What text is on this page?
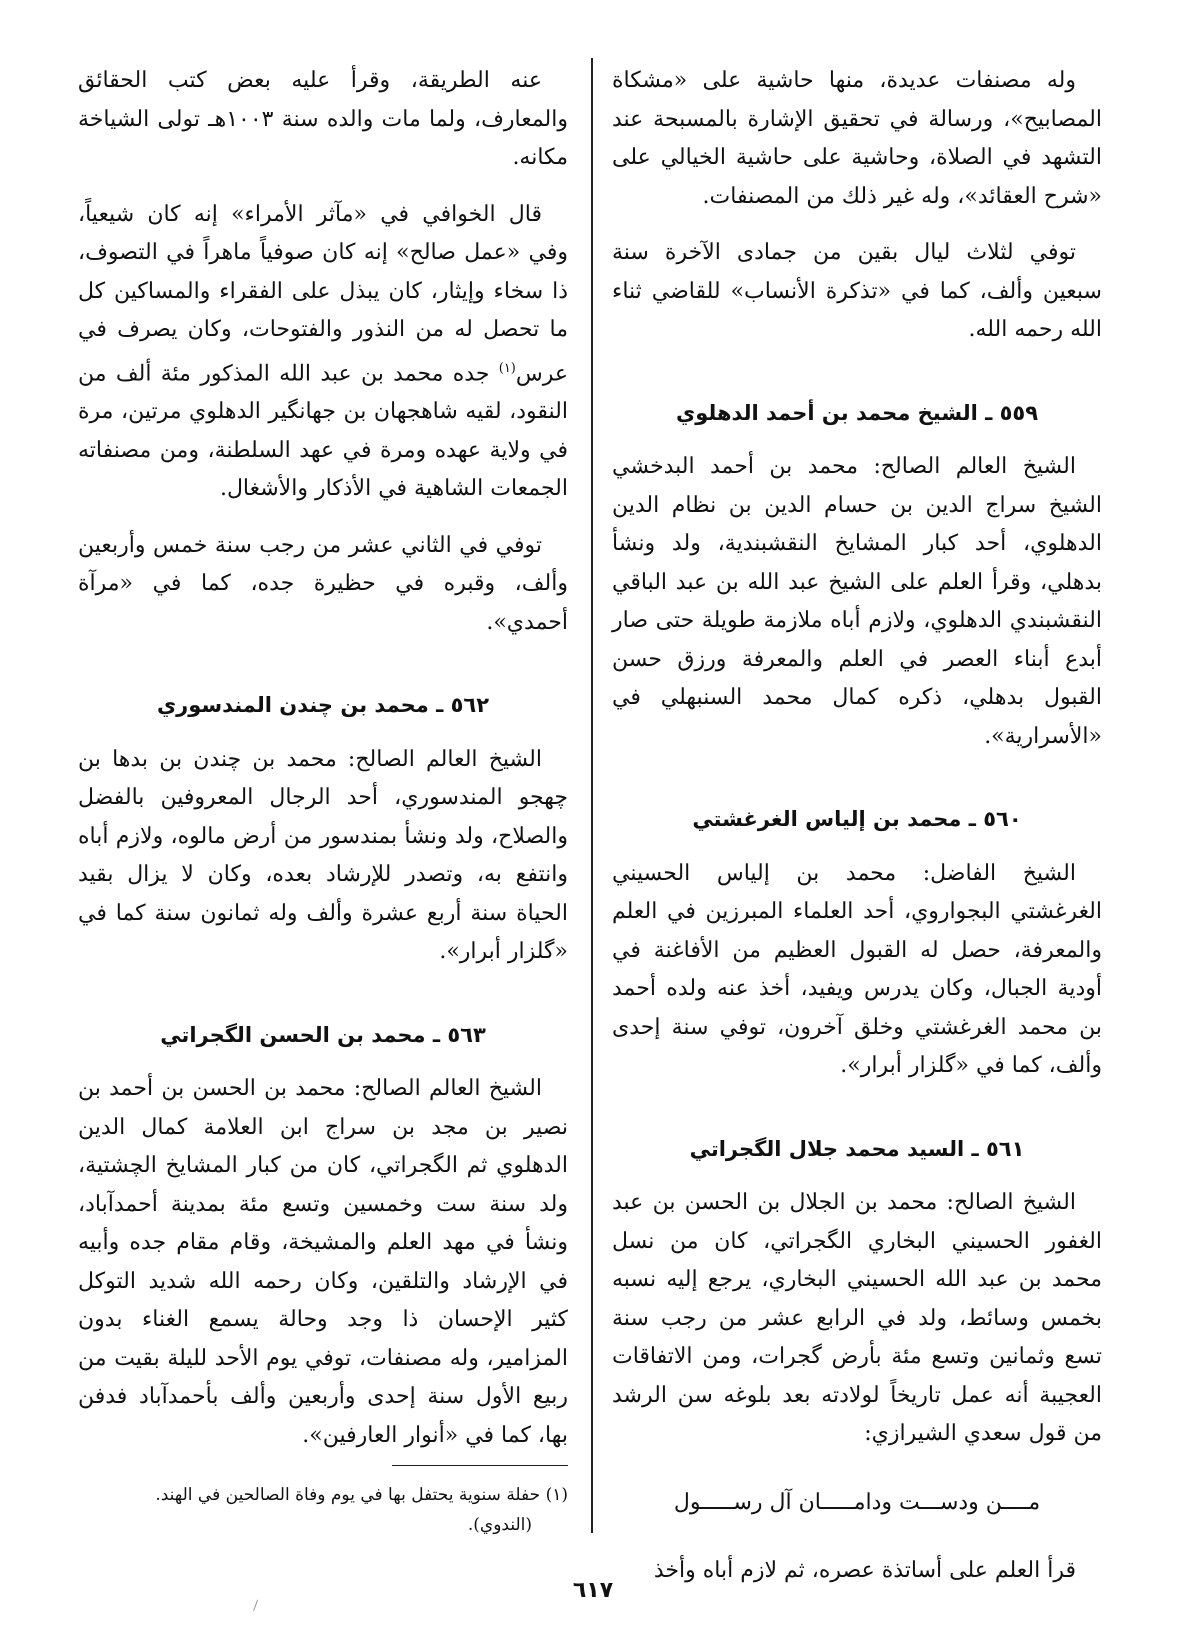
وله مصنفات عديدة، منها حاشية على «مشكاة المصابيح»، ورسالة في تحقيق الإشارة بالمسبحة عند التشهد في الصلاة، وحاشية على حاشية الخيالي على «شرح العقائد»، وله غير ذلك من المصنفات.

توفي لثلاث ليال بقين من جمادى الآخرة سنة سبعين وألف، كما في «تذكرة الأنساب» للقاضي ثناء الله رحمه الله.

٥٥٩ ـ الشيخ محمد بن أحمد الدهلوي

الشيخ العالم الصالح: محمد بن أحمد البدخشي الشيخ سراج الدين بن حسام الدين بن نظام الدين الدهلوي، أحد كبار المشايخ النقشبندية، ولد ونشأ بدهلي، وقرأ العلم على الشيخ عبد الله بن عبد الباقي النقشبندي الدهلوي، ولازم أباه ملازمة طويلة حتى صار أبدع أبناء العصر في العلم والمعرفة ورزق حسن القبول بدهلي، ذكره كمال محمد السنبهلي في «الأسرارية».

٥٦٠ ـ محمد بن إلياس الغرغشتي

الشيخ الفاضل: محمد بن إلياس الحسيني الغرغشتي البجواروي، أحد العلماء المبرزين في العلم والمعرفة، حصل له القبول العظيم من الأفاغنة في أودية الجبال، وكان يدرس ويفيد، أخذ عنه ولده أحمد بن محمد الغرغشتي وخلق آخرون، توفي سنة إحدى وألف، كما في «گلزار أبرار».

٥٦١ ـ السيد محمد جلال الگجراتي

الشيخ الصالح: محمد بن الجلال بن الحسن بن عبد الغفور الحسيني البخاري الگجراتي، كان من نسل محمد بن عبد الله الحسيني البخاري، يرجع إليه نسبه بخمس وسائط، ولد في الرابع عشر من رجب سنة تسع وثمانين وتسع مئة بأرض گجرات، ومن الاتفاقات العجيبة أنه عمل تاريخاً لولادته بعد بلوغه سن الرشد من قول سعدي الشيرازي:

مــــن ودســـت ودامـــــان آل رســـــول

قرأ العلم على أساتذة عصره، ثم لازم أباه وأخذ

عنه الطريقة، وقرأ عليه بعض كتب الحقائق والمعارف، ولما مات والده سنة ١٠٠٣هـ تولى الشياخة مكانه.

قال الخوافي في «مآثر الأمراء» إنه كان شيعياً، وفي «عمل صالح» إنه كان صوفياً ماهراً في التصوف، ذا سخاء وإيثار، كان يبذل على الفقراء والمساكين كل ما تحصل له من النذور والفتوحات، وكان يصرف في عرس$^{(١)}$ جده محمد بن عبد الله المذكور مئة ألف من النقود، لقيه شاهجهان بن جهانگير الدهلوي مرتين، مرة في ولاية عهده ومرة في عهد السلطنة، ومن مصنفاته الجمعات الشاهية في الأذكار والأشغال.

توفي في الثاني عشر من رجب سنة خمس وأربعين وألف، وقبره في حظيرة جده، كما في «مرآة أحمدي».

٥٦٢ ـ محمد بن چندن المندسوري

الشيخ العالم الصالح: محمد بن چندن بن بدها بن چهجو المندسوري، أحد الرجال المعروفين بالفضل والصلاح، ولد ونشأ بمندسور من أرض مالوه، ولازم أباه وانتفع به، وتصدر للإرشاد بعده، وكان لا يزال بقيد الحياة سنة أربع عشرة وألف وله ثمانون سنة كما في «گلزار أبرار».

٥٦٣ ـ محمد بن الحسن الگجراتي

الشيخ العالم الصالح: محمد بن الحسن بن أحمد بن نصير بن مجد بن سراج ابن العلامة كمال الدين الدهلوي ثم الگجراتي، كان من كبار المشايخ الچشتية، ولد سنة ست وخمسين وتسع مئة بمدينة أحمدآباد، ونشأ في مهد العلم والمشيخة، وقام مقام جده وأبيه في الإرشاد والتلقين، وكان رحمه الله شديد التوكل كثير الإحسان ذا وجد وحالة يسمع الغناء بدون المزامير، وله مصنفات، توفي يوم الأحد لليلة بقيت من ربيع الأول سنة إحدى وأربعين وألف بأحمدآباد فدفن بها، كما في «أنوار العارفين».

(١) حفلة سنوية يحتفل بها في يوم وفاة الصالحين في الهند.
(الندوي).
٦١٧
